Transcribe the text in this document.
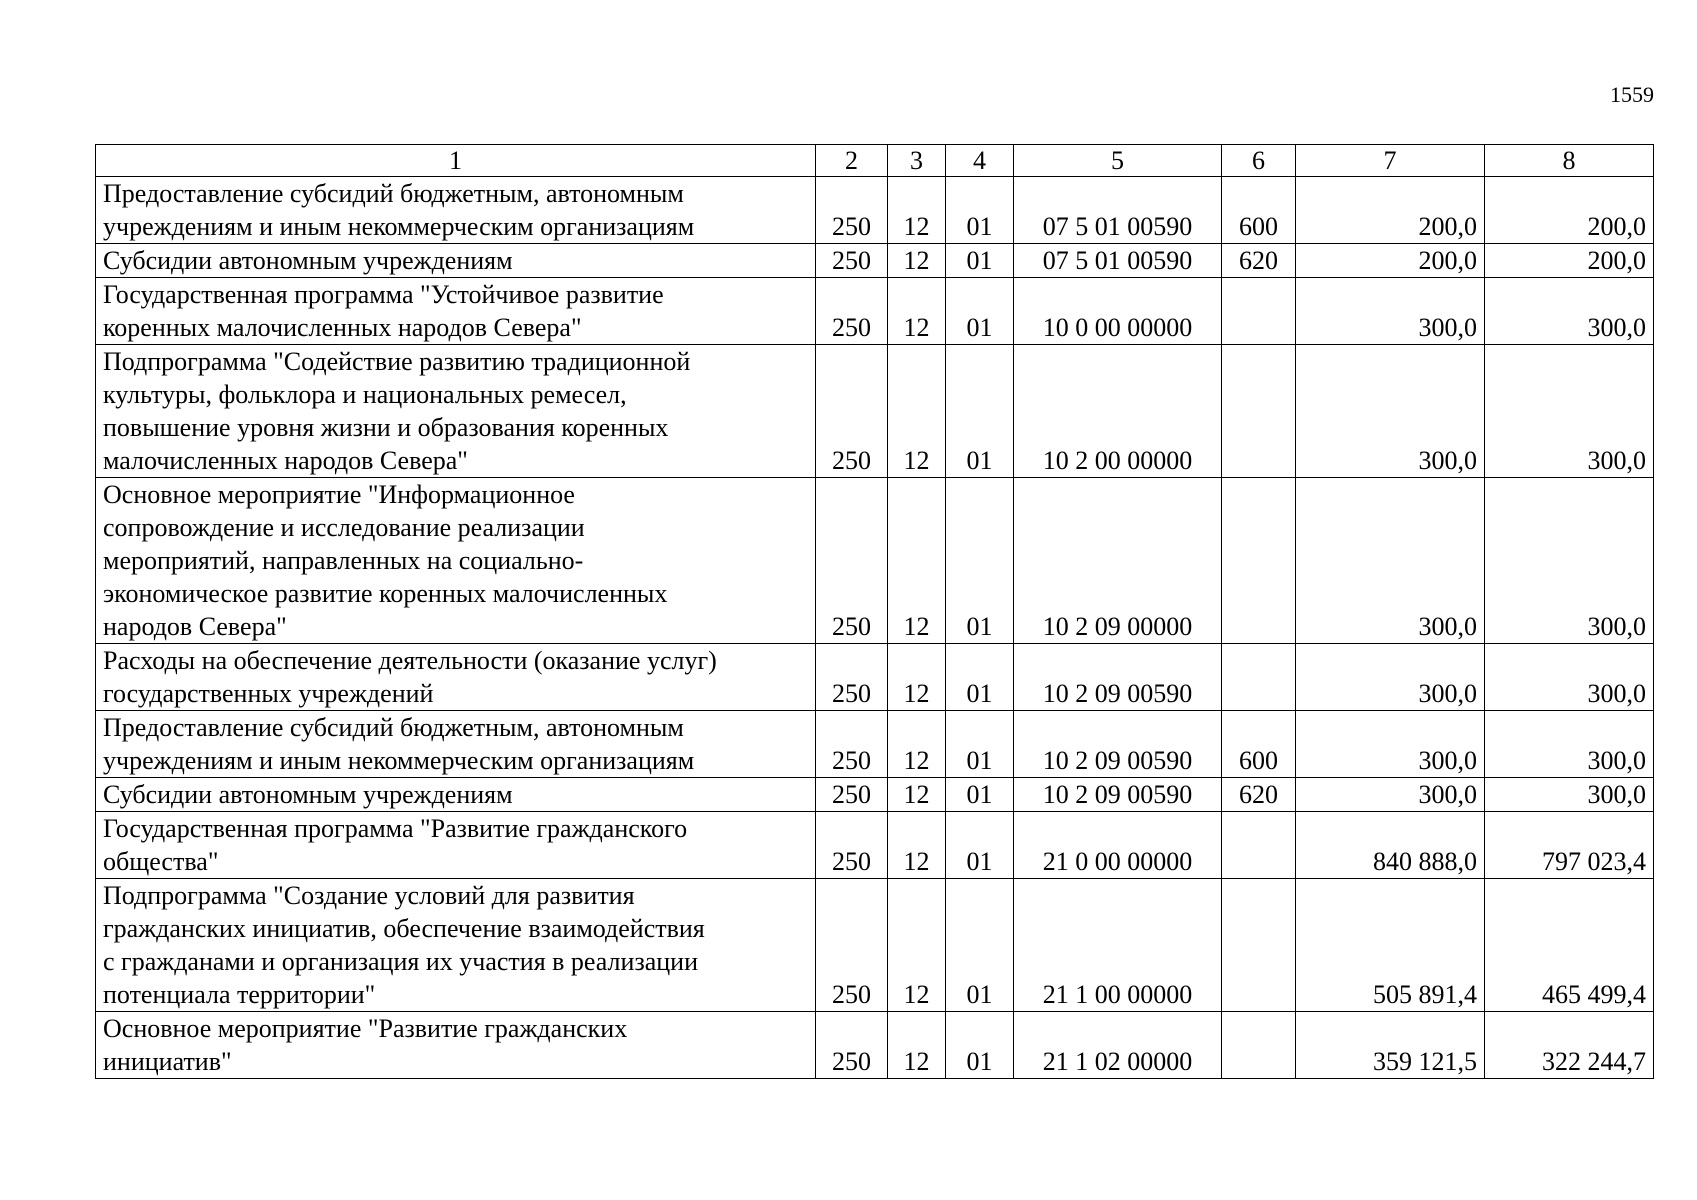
1559
1	2	3	4	5	6	7	8

Предоставление субсидий бюджетным, автономным
учреждениям и иным некоммерческим организациям	250	12	01	07 5 01 00590	600	200,0	200,0

Субсидии автономным учреждениям	250	12	01	07 5 01 00590	620	200,0	200,0

Государственная программа "Устойчивое развитие
коренных малочисленных народов Севера"	250	12	01	10 0 00 00000		300,0	300,0

Подпрограмма "Содействие развитию традиционной
культуры, фольклора и национальных ремесел,
повышение уровня жизни и образования коренных
малочисленных народов Севера"	250	12	01	10 2 00 00000		300,0	300,0

Основное мероприятие "Информационное
сопровождение и исследование реализации
мероприятий, направленных на социально-
экономическое развитие коренных малочисленных
народов Севера"	250	12	01	10 2 09 00000		300,0	300,0

Расходы на обеспечение деятельности (оказание услуг)
государственных учреждений	250	12	01	10 2 09 00590		300,0	300,0

Предоставление субсидий бюджетным, автономным
учреждениям и иным некоммерческим организациям	250	12	01	10 2 09 00590	600	300,0	300,0

Субсидии автономным учреждениям	250	12	01	10 2 09 00590	620	300,0	300,0

Государственная программа "Развитие гражданского
общества"	250	12	01	21 0 00 00000		840 888,0	797 023,4

Подпрограмма "Создание условий для развития
гражданских инициатив, обеспечение взаимодействия
с гражданами и организация их участия в реализации
потенциала территории"	250	12	01	21 1 00 00000		505 891,4	465 499,4

Основное мероприятие "Развитие гражданских
инициатив"	250	12	01	21 1 02 00000		359 121,5	322 244,7
